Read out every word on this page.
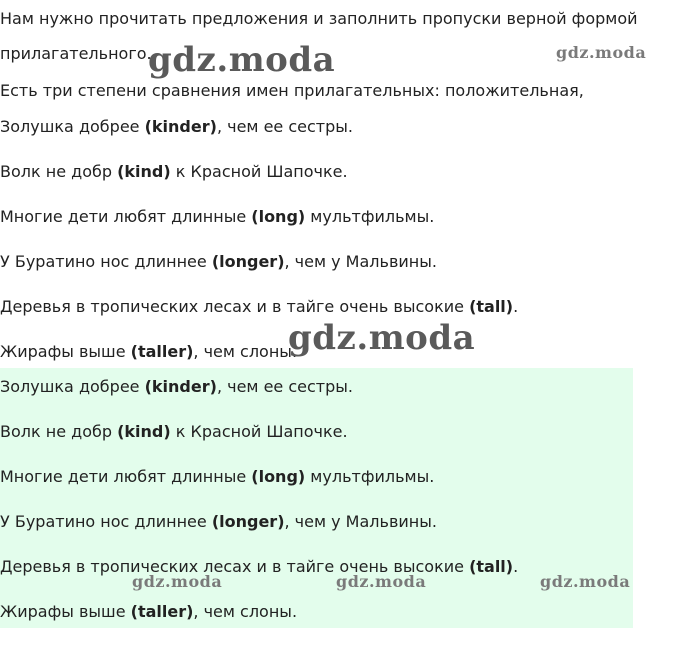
Нам нужно прочитать предложения и заполнить пропуски верной формой
прилагательного.
Есть три степени сравнения имен прилагательных: положительная,
Золушка добрее (kinder), чем ее сестры.
Волк не добр (kind) к Красной Шапочке.
Многие дети любят длинные (long) мультфильмы.
У Буратино нос длиннее (longer), чем у Мальвины.
Деревья в тропических лесах и в тайге очень высокие (tall).
Жирафы выше (taller), чем слоны.
Золушка добрее (kinder), чем ее сестры.
Волк не добр (kind) к Красной Шапочке.
Многие дети любят длинные (long) мультфильмы.
У Буратино нос длиннее (longer), чем у Мальвины.
Деревья в тропических лесах и в тайге очень высокие (tall).
Жирафы выше (taller), чем слоны.
gdz.moda	gdz.moda
gdz.moda
gdz.moda	gdz.moda	gdz.moda
